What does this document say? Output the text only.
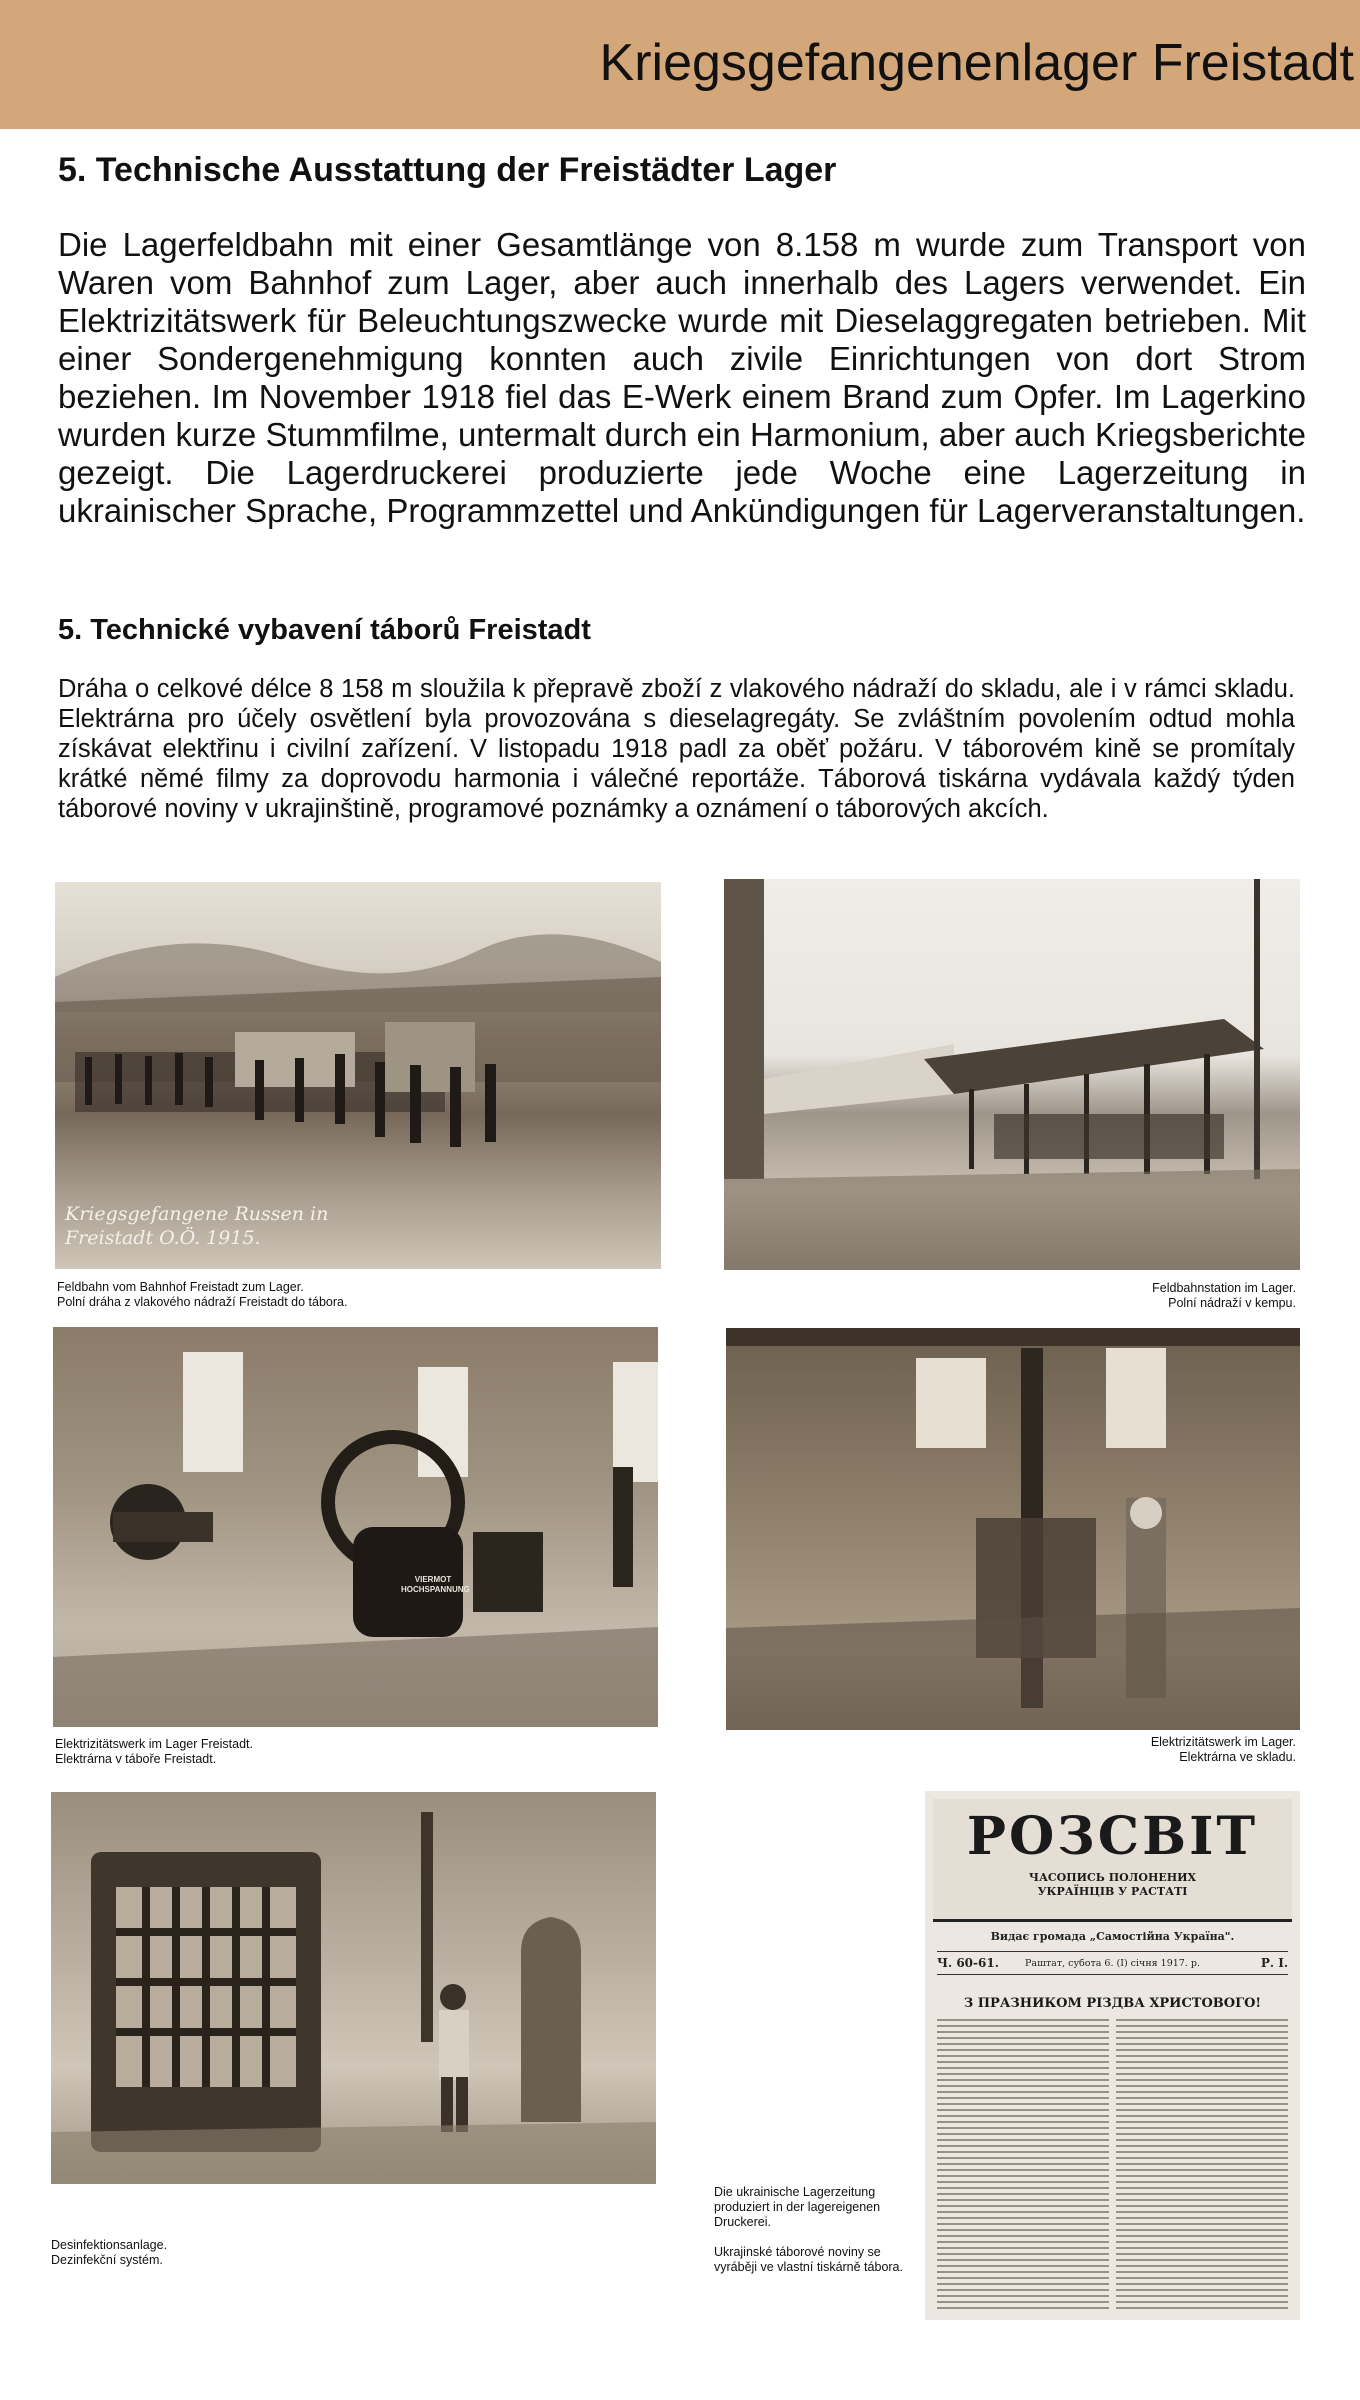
Kriegsgefangenenlager Freistadt
5. Technische Ausstattung der Freistädter Lager
Die Lagerfeldbahn mit einer Gesamtlänge von 8.158 m wurde zum Transport von Waren vom Bahnhof zum Lager, aber auch innerhalb des Lagers verwendet. Ein Elektrizitätswerk für Beleuchtungszwecke wurde mit Dieselaggregaten betrieben. Mit einer Sondergenehmigung konnten auch zivile Einrichtungen von dort Strom beziehen. Im November 1918 fiel das E-Werk einem Brand zum Opfer. Im Lagerkino wurden kurze Stummfilme, untermalt durch ein Harmonium, aber auch Kriegsberichte gezeigt. Die Lagerdruckerei produzierte jede Woche eine Lagerzeitung in ukrainischer Sprache, Programmzettel und Ankündigungen für Lagerveranstaltungen.
5. Technické vybavení táborů Freistadt
Dráha o celkové délce 8 158 m sloužila k přepravě zboží z vlakového nádraží do skladu, ale i v rámci skladu. Elektrárna pro účely osvětlení byla provozována s dieselagregáty. Se zvláštním povolením odtud mohla získávat elektřinu i civilní zařízení. V listopadu 1918 padl za oběť požáru. V táborovém kině se promítaly krátké němé filmy za doprovodu harmonia i válečné reportáže. Táborová tiskárna vydávala každý týden táborové noviny v ukrajinštině, programové poznámky a oznámení o táborových akcích.
Kriegsgefangene Russen in Freistadt O.Ö. 1915.

Feldbahn vom Bahnhof Freistadt zum Lager.

Polní dráha z vlakového nádraží Freistadt do tábora.

Feldbahnstation im Lager.

Polní nádraží v kempu.

VIERMOT HOCHSPANNUNG

Elektrizitätswerk im Lager Freistadt.

Elektrárna v táboře Freistadt.

Elektrizitätswerk im Lager.

Elektrárna ve skladu.

Desinfektionsanlage.

Dezinfekční systém.

Die ukrainische Lagerzeitung produziert in der lagereigenen Druckerei.

Ukrajinské táborové noviny se vyráběji ve vlastní tiskárně tábora.

РОЗСВІТ
ЧАСОПИСЬ ПОЛОНЕНИХ
УКРАЇНЦІВ У РАСТАТІ
Видає громада „Самостійна Україна".
Ч. 60-61.	Раштат, субота 6. (I) січня 1917. р.	Р. І.
З ПРАЗНИКОМ РІЗДВА ХРИСТОВОГО!
